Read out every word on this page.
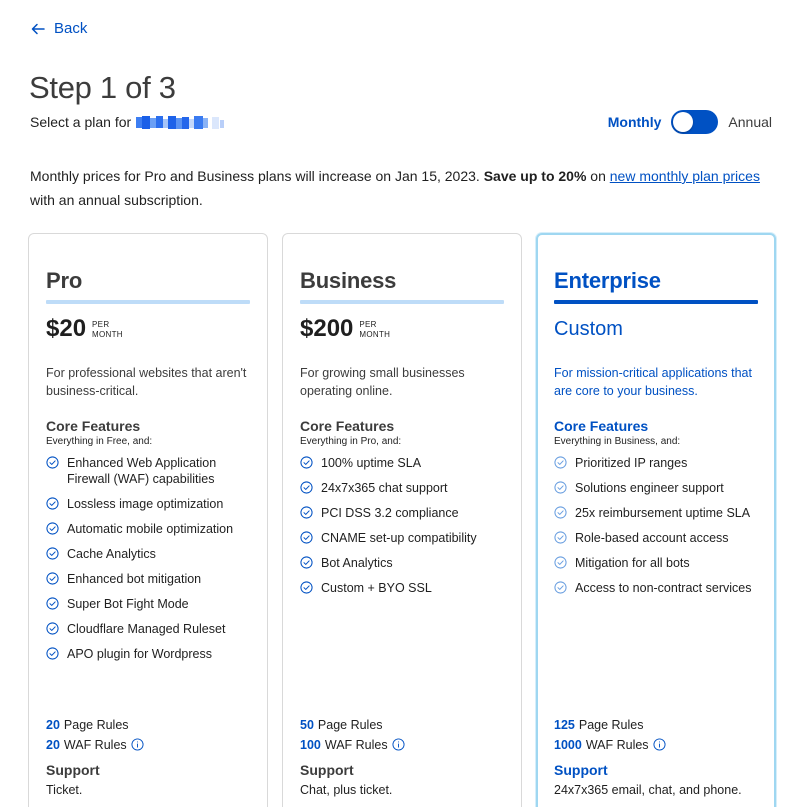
Back
Step 1 of 3
Select a plan for	Monthly	Annual

Monthly prices for Pro and Business plans will increase on Jan 15, 2023. Save up to 20% on new monthly plan prices with an annual subscription.

Pro
$20 PER
MONTH

For professional websites that aren't business-critical.

Core Features

Everything in Free, and:

Enhanced Web Application Firewall (WAF) capabilities
Lossless image optimization
Automatic mobile optimization
Cache Analytics
Enhanced bot mitigation
Super Bot Fight Mode
Cloudflare Managed Ruleset
APO plugin for Wordpress
20 Page Rules
20 WAF Rules
Support

Ticket.

Business
$200 PER
MONTH

For growing small businesses operating online.

Core Features

Everything in Pro, and:

100% uptime SLA
24x7x365 chat support
PCI DSS 3.2 compliance
CNAME set-up compatibility
Bot Analytics
Custom + BYO SSL
50 Page Rules
100 WAF Rules
Support

Chat, plus ticket.

Enterprise
Custom

For mission-critical applications that are core to your business.

Core Features

Everything in Business, and:

Prioritized IP ranges
Solutions engineer support
25x reimbursement uptime SLA
Role-based account access
Mitigation for all bots
Access to non-contract services
125 Page Rules
1000 WAF Rules
Support

24x7x365 email, chat, and phone.
